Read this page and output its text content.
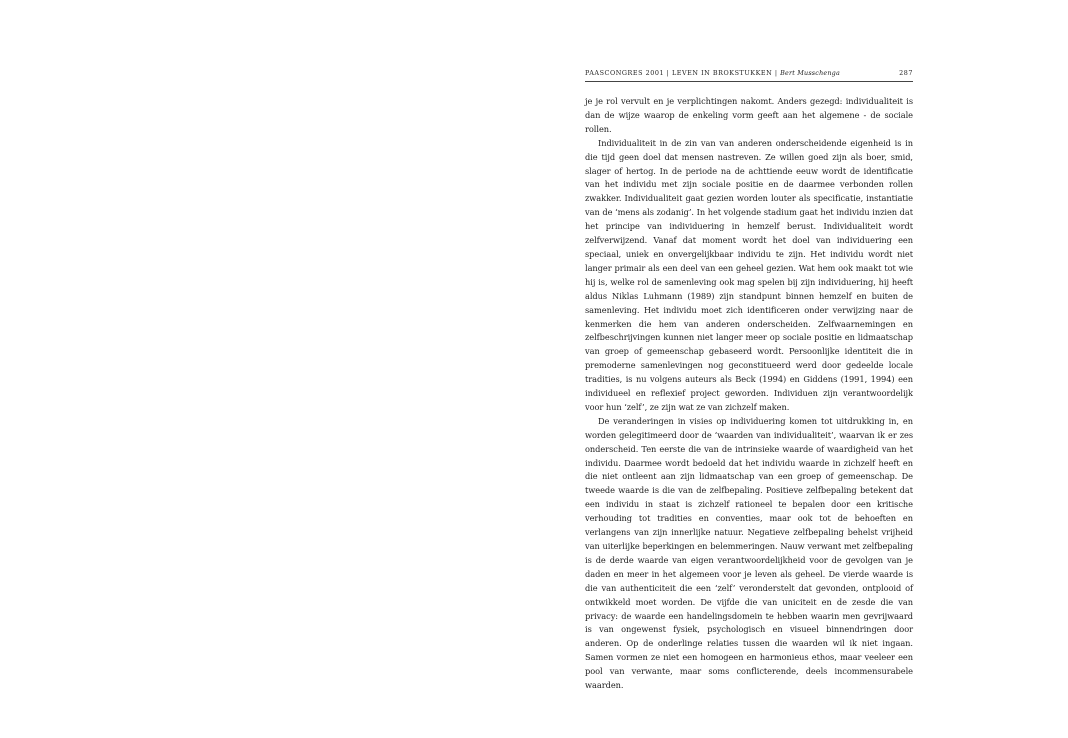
PAASCONGRES 2001 | LEVEN IN BROKSTUKKEN | Bert Musschenga	287

je je rol vervult en je verplichtingen nakomt. Anders gezegd: individualiteit is dan de wijze waarop de enkeling vorm geeft aan het algemene - de sociale rollen.

Individualiteit in de zin van van anderen onderscheidende eigenheid is in die tijd geen doel dat mensen nastreven. Ze willen goed zijn als boer, smid, slager of hertog. In de periode na de achttiende eeuw wordt de identificatie van het individu met zijn sociale positie en de daarmee verbonden rollen zwakker. Individualiteit gaat gezien worden louter als specificatie, instantiatie van de ‘mens als zodanig’. In het volgende stadium gaat het individu inzien dat het principe van individuering in hemzelf berust. Individualiteit wordt zelfverwijzend. Vanaf dat moment wordt het doel van individuering een speciaal, uniek en onvergelijkbaar individu te zijn. Het individu wordt niet langer primair als een deel van een geheel gezien. Wat hem ook maakt tot wie hij is, welke rol de samenleving ook mag spelen bij zijn individuering, hij heeft aldus Niklas Luhmann (1989) zijn standpunt binnen hemzelf en buiten de samenleving. Het individu moet zich identificeren onder verwijzing naar de kenmerken die hem van anderen onderscheiden. Zelfwaarnemingen en zelfbeschrijvingen kunnen niet langer meer op sociale positie en lidmaatschap van groep of gemeenschap gebaseerd wordt. Persoonlijke identiteit die in premoderne samenlevingen nog geconstitueerd werd door gedeelde locale tradities, is nu volgens auteurs als Beck (1994) en Giddens (1991, 1994) een individueel en reflexief project geworden. Individuen zijn verantwoordelijk voor hun ‘zelf’, ze zijn wat ze van zichzelf maken.

De veranderingen in visies op individuering komen tot uitdrukking in, en worden gelegitimeerd door de ‘waarden van individualiteit’, waarvan ik er zes onderscheid. Ten eerste die van de intrinsieke waarde of waardigheid van het individu. Daarmee wordt bedoeld dat het individu waarde in zichzelf heeft en die niet ontleent aan zijn lidmaatschap van een groep of gemeenschap. De tweede waarde is die van de zelfbepaling. Positieve zelfbepaling betekent dat een individu in staat is zichzelf rationeel te bepalen door een kritische verhouding tot tradities en conventies, maar ook tot de behoeften en verlangens van zijn innerlijke natuur. Negatieve zelfbepaling behelst vrijheid van uiterlijke beperkingen en belemmeringen. Nauw verwant met zelfbepaling is de derde waarde van eigen verantwoordelijkheid voor de gevolgen van je daden en meer in het algemeen voor je leven als geheel. De vierde waarde is die van authenticiteit die een ‘zelf’ veronderstelt dat gevonden, ontplooid of ontwikkeld moet worden. De vijfde die van uniciteit en de zesde die van privacy: de waarde een handelingsdomein te hebben waarin men gevrijwaard is van ongewenst fysiek, psychologisch en visueel binnendringen door anderen. Op de onderlinge relaties tussen die waarden wil ik niet ingaan. Samen vormen ze niet een homogeen en harmonieus ethos, maar veeleer een pool van verwante, maar soms conflicterende, deels incommensurabele waarden.
